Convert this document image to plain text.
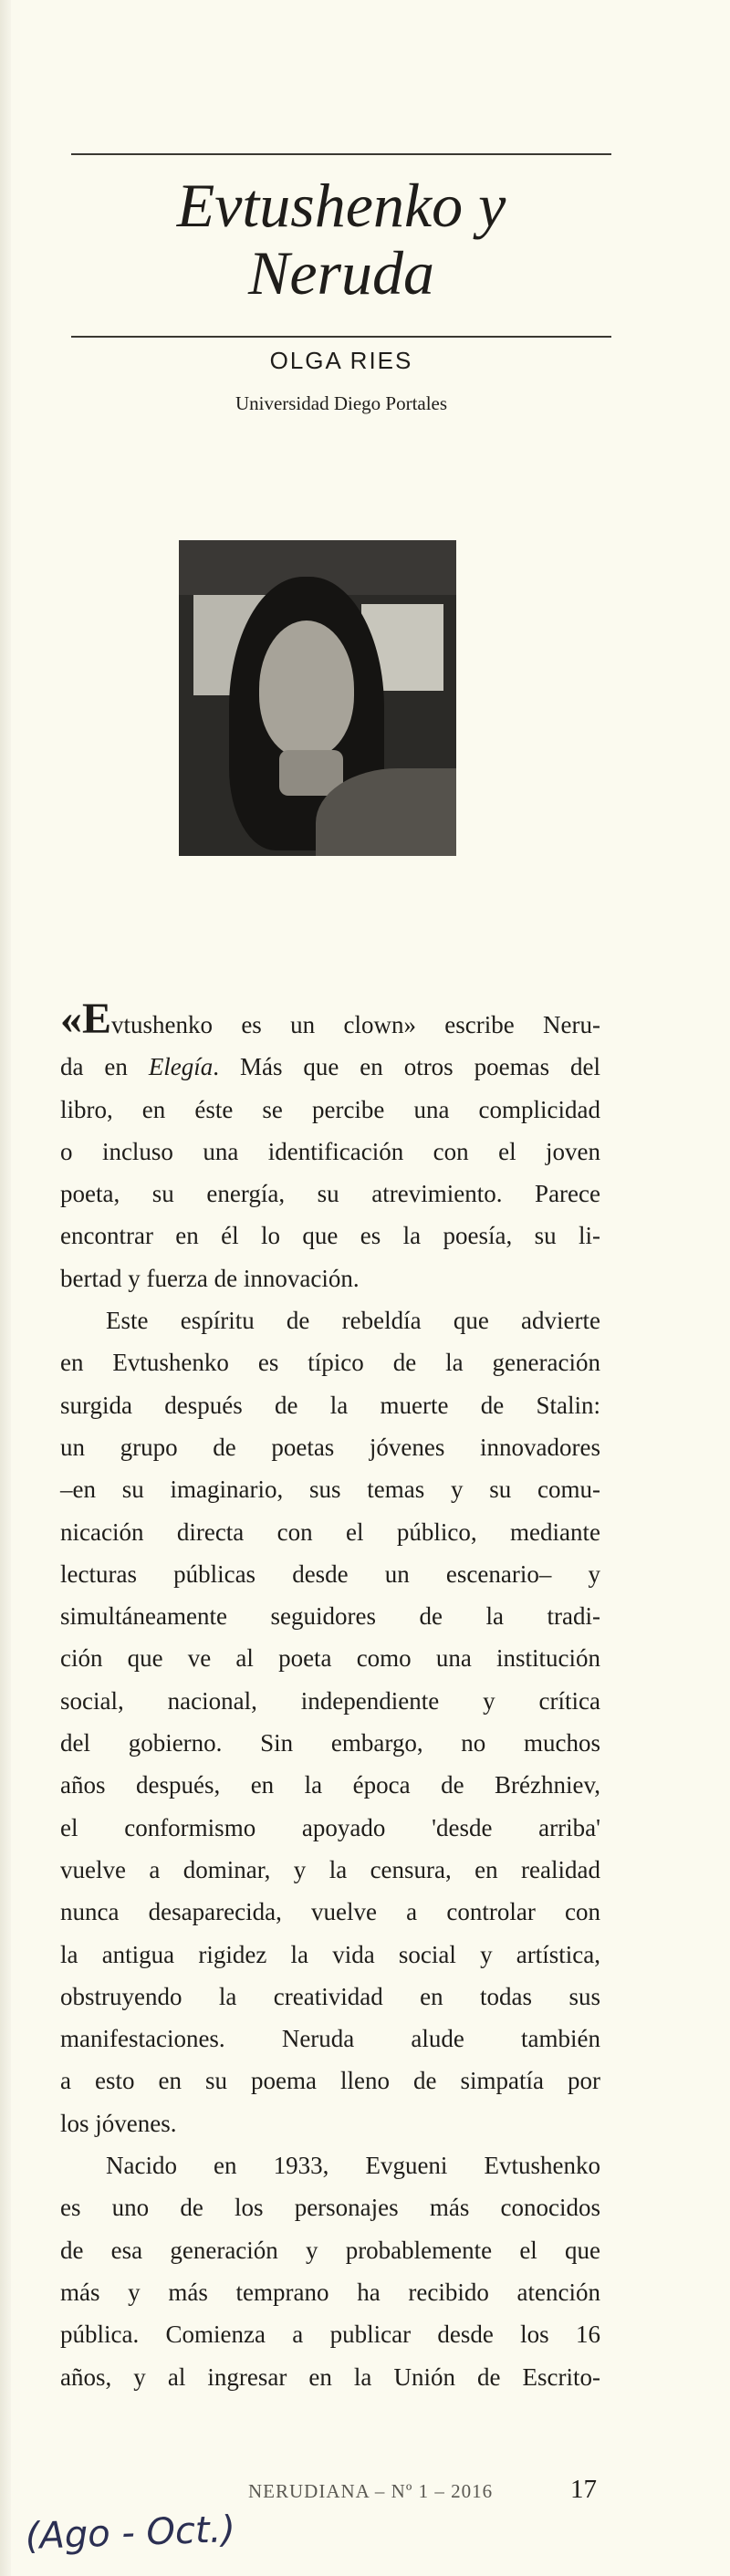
Evtushenko y
Neruda
OLGA RIES
Universidad Diego Portales

«Evtushenko es un clown» escribe Neru-
da en Elegía. Más que en otros poemas del
libro, en éste se percibe una complicidad
o incluso una identificación con el joven
poeta, su energía, su atrevimiento. Parece
encontrar en él lo que es la poesía, su li-
bertad y fuerza de innovación.

Este espíritu de rebeldía que advierte
en Evtushenko es típico de la generación
surgida después de la muerte de Stalin:
un grupo de poetas jóvenes innovadores
–en su imaginario, sus temas y su comu-
nicación directa con el público, mediante
lecturas públicas desde un escenario– y
simultáneamente seguidores de la tradi-
ción que ve al poeta como una institución
social, nacional, independiente y crítica
del gobierno. Sin embargo, no muchos
años después, en la época de Brézhniev,
el conformismo apoyado 'desde arriba'
vuelve a dominar, y la censura, en realidad
nunca desaparecida, vuelve a controlar con
la antigua rigidez la vida social y artística,
obstruyendo la creatividad en todas sus
manifestaciones. Neruda alude también
a esto en su poema lleno de simpatía por
los jóvenes.

Nacido en 1933, Evgueni Evtushenko
es uno de los personajes más conocidos
de esa generación y probablemente el que
más y más temprano ha recibido atención
pública. Comienza a publicar desde los 16
años, y al ingresar en la Unión de Escrito-

NERUDIANA – Nº 1 – 2016	17
(Ago - Oct.)
